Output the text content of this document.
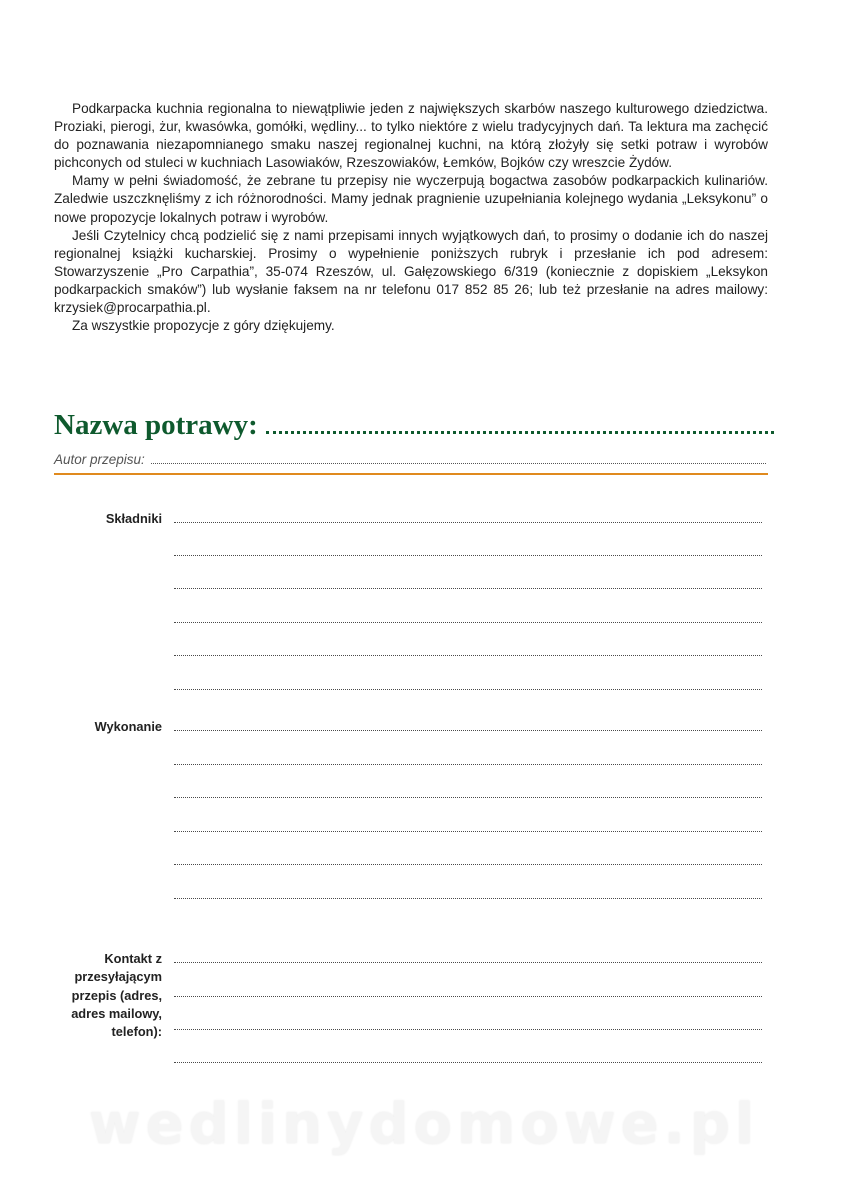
Podkarpacka kuchnia regionalna to niewątpliwie jeden z największych skarbów naszego kulturowego dziedzictwa. Proziaki, pierogi, żur, kwasówka, gomółki, wędliny... to tylko niektóre z wielu tradycyjnych dań. Ta lektura ma zachęcić do poznawania niezapomnianego smaku naszej regionalnej kuchni, na którą złożyły się setki potraw i wyrobów pichconych od stuleci w kuchniach Lasowiaków, Rzeszowiaków, Łemków, Bojków czy wreszcie Żydów.

Mamy w pełni świadomość, że zebrane tu przepisy nie wyczerpują bogactwa zasobów podkarpackich kulinariów. Zaledwie uszczknęliśmy z ich różnorodności. Mamy jednak pragnienie uzupełniania kolejnego wydania „Leksykonu” o nowe propozycje lokalnych potraw i wyrobów.

Jeśli Czytelnicy chcą podzielić się z nami przepisami innych wyjątkowych dań, to prosimy o dodanie ich do naszej regionalnej książki kucharskiej. Prosimy o wypełnienie poniższych rubryk i przesłanie ich pod adresem: Stowarzyszenie „Pro Carpathia”, 35-074 Rzeszów, ul. Gałęzowskiego 6/319 (koniecznie z dopiskiem „Leksykon podkarpackich smaków”) lub wysłanie faksem na nr telefonu 017 852 85 26; lub też przesłanie na adres mailowy: krzysiek@procarpathia.pl.

Za wszystkie propozycje z góry dziękujemy.

Nazwa potrawy:
Autor przepisu:
Składniki
Wykonanie
Kontakt z przesyłającym przepis (adres, adres mailowy, telefon):
wedlinydomowe.pl
